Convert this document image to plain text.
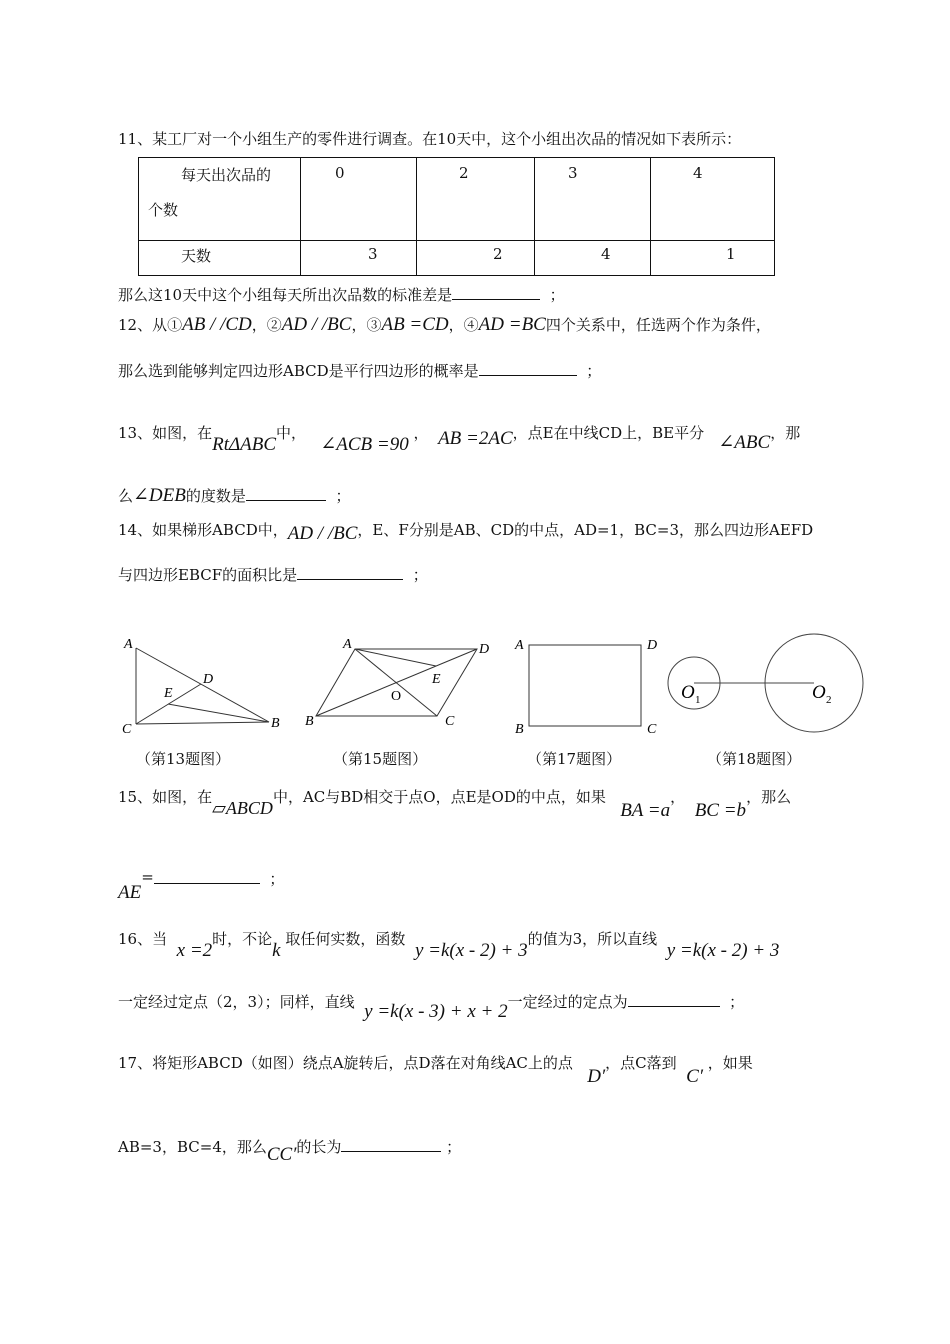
11、某工厂对一个小组生产的零件进行调查。在10天中，这个小组出次品的情况如下表所示：
每天出次品的
个数	0	2	3	4

天数	3	2	4	1
那么这10天中这个小组每天所出次品数的标准差是	；
12、从①AB / /CD，②AD / /BC，③AB =CD，④AD =BC四个关系中，任选两个作为条件，
那么选到能够判定四边形ABCD是平行四边形的概率是	；
13、如图，在RtΔABC中，   ∠ACB =90 ， AB =2AC，点E在中线CD上，BE平分 ∠ABC，那
么∠DEB的度数是	；
14、如果梯形ABCD中，AD / /BC，E、F分别是AB、CD的中点，AD=1，BC=3，那么四边形AEFD
与四边形EBCF的面积比是	；
A
C	B
D
E
A	D
B	C
E
O
A	D
B	C
O 1	O 2
（第13题图）	（第15题图）	（第17题图）	（第18题图）
15、如图，在▱ABCD中，AC与BD相交于点O，点E是OD的中点，如果   BA =a，  BC =b，那么
AE=	；
16、当  x =2时，不论k 取任何实数，函数  y =k(x - 2) + 3的值为3，所以直线  y =k(x - 2) + 3
一定经过定点（2，3）；同样，直线 y =k(x - 3) + x + 2一定经过的定点为	；
17、将矩形ABCD（如图）绕点A旋转后，点D落在对角线AC上的点   D′，点C落到  C′ ，如果
AB=3，BC=4，那么CC′的长为	；
